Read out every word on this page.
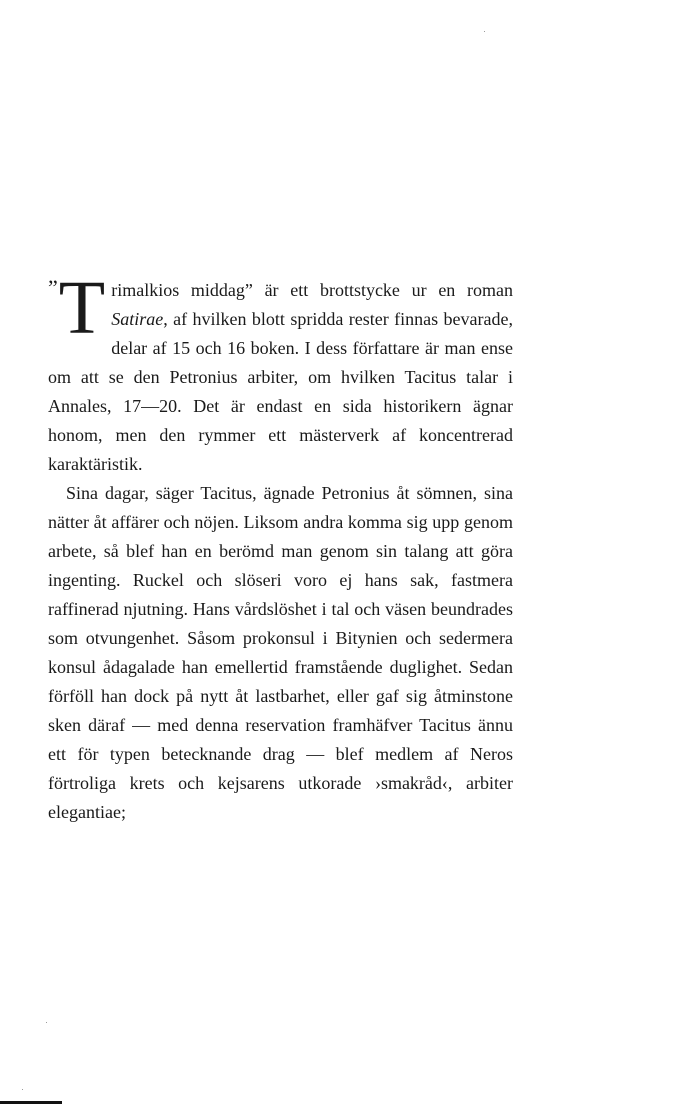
” T rimalkios middag” är ett brottstycke ur en roman Satirae, af hvilken blott spridda rester finnas bevarade, delar af 15 och 16 boken. I dess författare är man ense om att se den Petronius arbiter, om hvilken Tacitus talar i Annales, 17—20. Det är endast en sida historikern ägnar honom, men den rymmer ett mästerverk af koncentrerad karaktäristik.

Sina dagar, säger Tacitus, ägnade Petronius åt sömnen, sina nätter åt affärer och nöjen. Liksom andra komma sig upp genom arbete, så blef han en berömd man genom sin talang att göra ingenting. Ruckel och slöseri voro ej hans sak, fastmera raffinerad njutning. Hans vårdslöshet i tal och väsen beundrades som otvungenhet. Såsom prokonsul i Bitynien och sedermera konsul ådagalade han emellertid framstående duglighet. Sedan förföll han dock på nytt åt lastbarhet, eller gaf sig åtminstone sken däraf — med denna reservation framhäfver Tacitus ännu ett för typen betecknande drag — blef medlem af Neros förtroliga krets och kejsarens utkorade ›smakråd‹, arbiter elegantiae;
